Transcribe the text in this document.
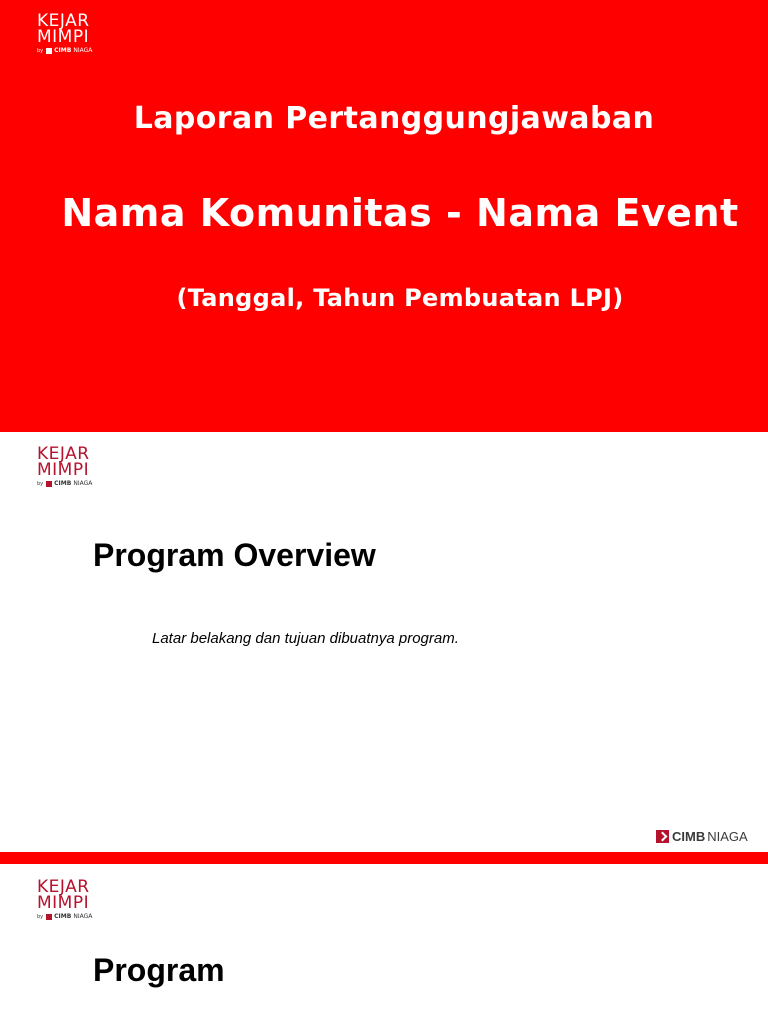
KEJAR
MIMPI
by CIMB NIAGA
Laporan Pertanggungjawaban
Nama Komunitas - Nama Event
(Tanggal, Tahun Pembuatan LPJ)
KEJAR
MIMPI
by CIMB NIAGA
Program Overview
Latar belakang dan tujuan dibuatnya program.
CIMB NIAGA
KEJAR
MIMPI
by CIMB NIAGA
Program
